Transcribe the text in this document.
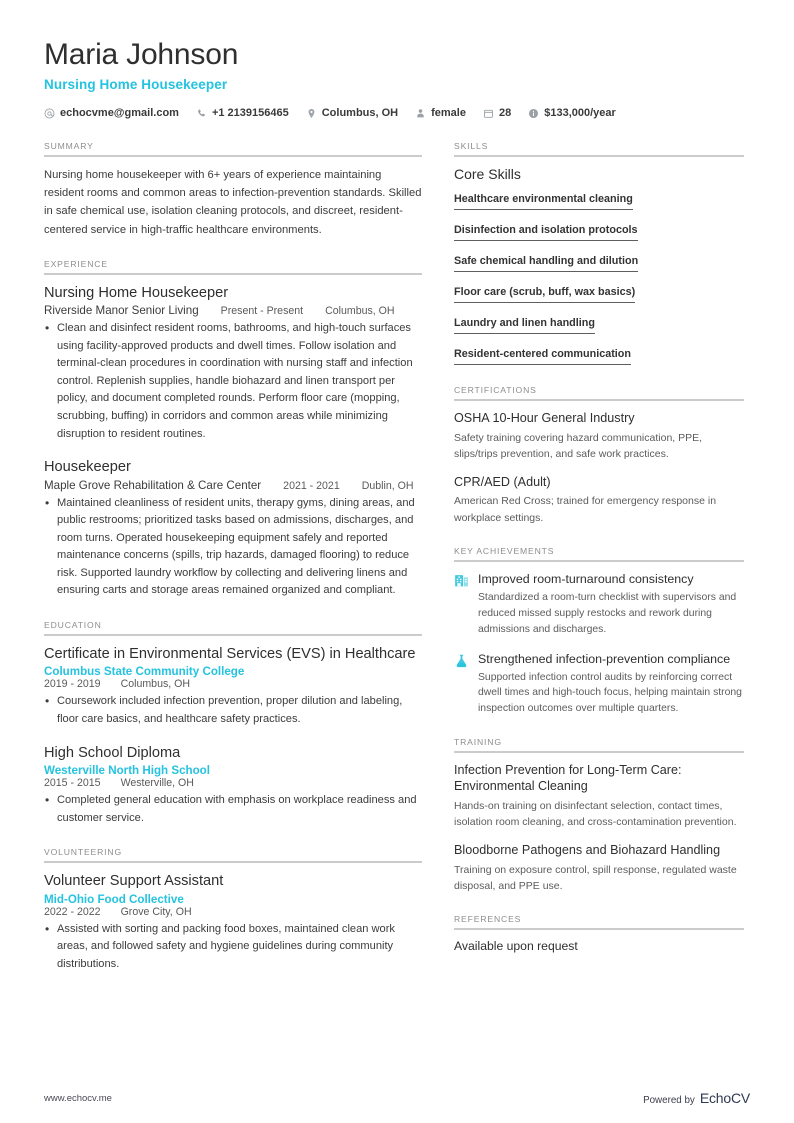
Maria Johnson
Nursing Home Housekeeper
echocvme@gmail.com	+1 2139156465	Columbus, OH	female	28	$133,000/year
SUMMARY
Nursing home housekeeper with 6+ years of experience maintaining resident rooms and common areas to infection-prevention standards. Skilled in safe chemical use, isolation cleaning protocols, and discreet, resident-centered service in high-traffic healthcare environments.
EXPERIENCE
Nursing Home Housekeeper
Riverside Manor Senior Living Present - Present Columbus, OH
• Clean and disinfect resident rooms, bathrooms, and high-touch surfaces using facility-approved products and dwell times. Follow isolation and terminal-clean procedures in coordination with nursing staff and infection control. Replenish supplies, handle biohazard and linen transport per policy, and document completed rounds. Perform floor care (mopping, scrubbing, buffing) in corridors and common areas while minimizing disruption to resident routines.
Housekeeper
Maple Grove Rehabilitation & Care Center 2021 - 2021 Dublin, OH
• Maintained cleanliness of resident units, therapy gyms, dining areas, and public restrooms; prioritized tasks based on admissions, discharges, and room turns. Operated housekeeping equipment safely and reported maintenance concerns (spills, trip hazards, damaged flooring) to reduce risk. Supported laundry workflow by collecting and delivering linens and ensuring carts and storage areas remained organized and compliant.
EDUCATION
Certificate in Environmental Services (EVS) in Healthcare
Columbus State Community College
2019 - 2019 Columbus, OH
• Coursework included infection prevention, proper dilution and labeling, floor care basics, and healthcare safety practices.
High School Diploma
Westerville North High School
2015 - 2015 Westerville, OH
• Completed general education with emphasis on workplace readiness and customer service.
VOLUNTEERING
Volunteer Support Assistant
Mid-Ohio Food Collective
2022 - 2022 Grove City, OH
• Assisted with sorting and packing food boxes, maintained clean work areas, and followed safety and hygiene guidelines during community distributions.
SKILLS
Core Skills
Healthcare environmental cleaning
Disinfection and isolation protocols
Safe chemical handling and dilution
Floor care (scrub, buff, wax basics)
Laundry and linen handling
Resident-centered communication
CERTIFICATIONS
OSHA 10-Hour General Industry
Safety training covering hazard communication, PPE, slips/trips prevention, and safe work practices.
CPR/AED (Adult)
American Red Cross; trained for emergency response in workplace settings.
KEY ACHIEVEMENTS
Improved room-turnaround consistency
Standardized a room-turn checklist with supervisors and reduced missed supply restocks and rework during admissions and discharges.
Strengthened infection-prevention compliance
Supported infection control audits by reinforcing correct dwell times and high-touch focus, helping maintain strong inspection outcomes over multiple quarters.
TRAINING
Infection Prevention for Long-Term Care: Environmental Cleaning
Hands-on training on disinfectant selection, contact times, isolation room cleaning, and cross-contamination prevention.
Bloodborne Pathogens and Biohazard Handling
Training on exposure control, spill response, regulated waste disposal, and PPE use.
REFERENCES
Available upon request
www.echocv.me	Powered by EchoCV
